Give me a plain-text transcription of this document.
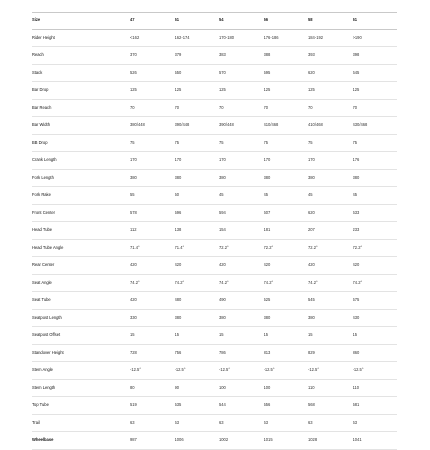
Size	47	51	54	56	58	61
Rider Height	<162	162-174	170-180	176-186	184-192	>190
Reach	370	379	383	388	393	398
Stack	526	550	570	595	620	645
Bar Drop	125	125	125	125	125	125
Bar Reach	70	70	70	70	70	70
Bar Width	380/448	390/448	390/448	410/468	410/468	430/468
BB Drop	75	75	75	75	75	75
Crank Length	170	170	170	170	170	176
Fork Length	380	380	380	380	380	380
Fork Rake	55	50	45	45	45	45
Front Center	578	596	594	607	620	633
Head Tube	112	138	154	181	207	233
Head Tube Angle	71.4°	71.4°	72.2°	72.2°	72.2°	72.2°
Rear Center	420	420	420	420	420	420
Seat Angle	74.2°	74.2°	74.2°	74.2°	74.2°	74.2°
Seat Tube	420	480	490	525	545	575
Seatpost Length	330	380	380	380	380	430
Seatpost Offset	15	15	15	15	15	15
Standover Height	728	756	786	813	829	860
Stem Angle	-12.5°	-12.5°	-12.5°	-12.5°	-12.5°	-12.5°
Stem Length	80	90	100	100	110	110
Top Tube	519	535	544	556	568	581
Trail	63	63	63	63	63	63
Wheelbase	987	1006	1002	1015	1028	1041
